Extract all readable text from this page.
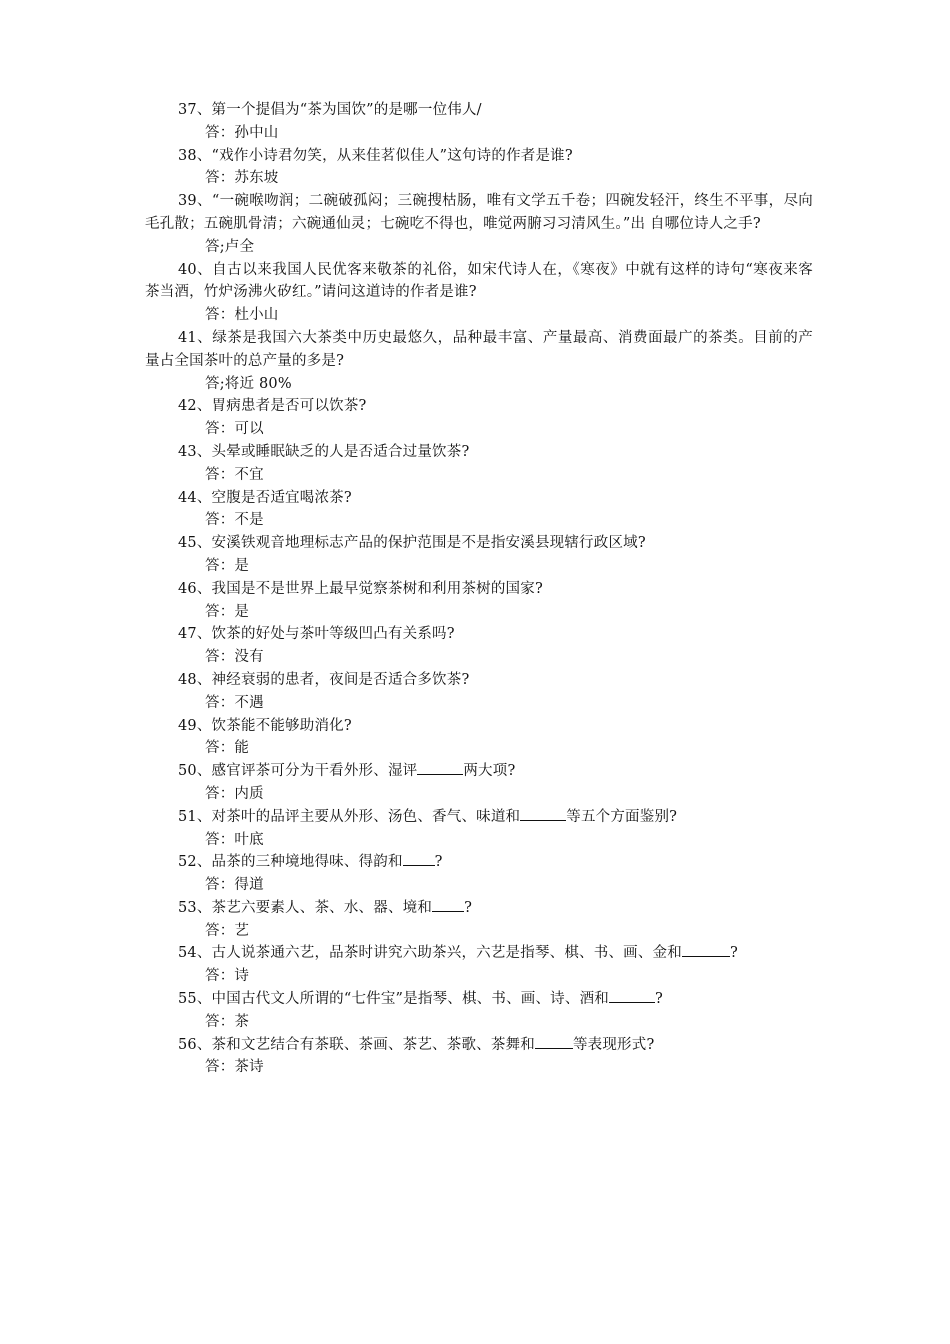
37、第一个提倡为“茶为国饮”的是哪一位伟人/

答：孙中山

38、“戏作小诗君勿笑，从来佳茗似佳人”这句诗的作者是谁?

答：苏东坡

39、“一碗喉吻润；二碗破孤闷；三碗搜枯肠，唯有文学五千卷；四碗发轻汗，终生不平事，尽向毛孔散；五碗肌骨清；六碗通仙灵；七碗吃不得也，唯觉两腑习习清风生。”出 自哪位诗人之手?

答;卢全

40、自古以来我国人民优客来敬茶的礼俗，如宋代诗人在，《寒夜》中就有这样的诗句“寒夜来客茶当酒，竹炉汤沸火矽红。”请问这道诗的作者是谁?

答：杜小山

41、绿茶是我国六大茶类中历史最悠久，品种最丰富、产量最高、消费面最广的茶类。目前的产量占全国茶叶的总产量的多是?

答;将近 80%

42、胃病患者是否可以饮茶?

答：可以

43、头晕或睡眠缺乏的人是否适合过量饮茶?

答：不宜

44、空腹是否适宜喝浓茶?

答：不是

45、安溪铁观音地理标志产品的保护范围是不是指安溪县现辖行政区域?

答：是

46、我国是不是世界上最早觉察茶树和利用茶树的国家?

答：是

47、饮茶的好处与茶叶等级凹凸有关系吗?

答：没有

48、神经衰弱的患者，夜间是否适合多饮茶?

答：不遇

49、饮茶能不能够助消化?

答：能

50、感官评茶可分为干看外形、湿评	两大项?

答：内质

51、对茶叶的品评主要从外形、汤色、香气、味道和	等五个方面鉴别?

答：叶底

52、品茶的三种境地得味、得韵和 ?

答：得道

53、茶艺六要素人、茶、水、器、境和 ?

答：艺

54、古人说茶通六艺，品茶时讲究六助茶兴，六艺是指琴、棋、书、画、金和	?

答：诗

55、中国古代文人所谓的“七件宝”是指琴、棋、书、画、诗、酒和	?

答：茶

56、茶和文艺结合有茶联、茶画、茶艺、茶歌、茶舞和	等表现形式?

答：茶诗
